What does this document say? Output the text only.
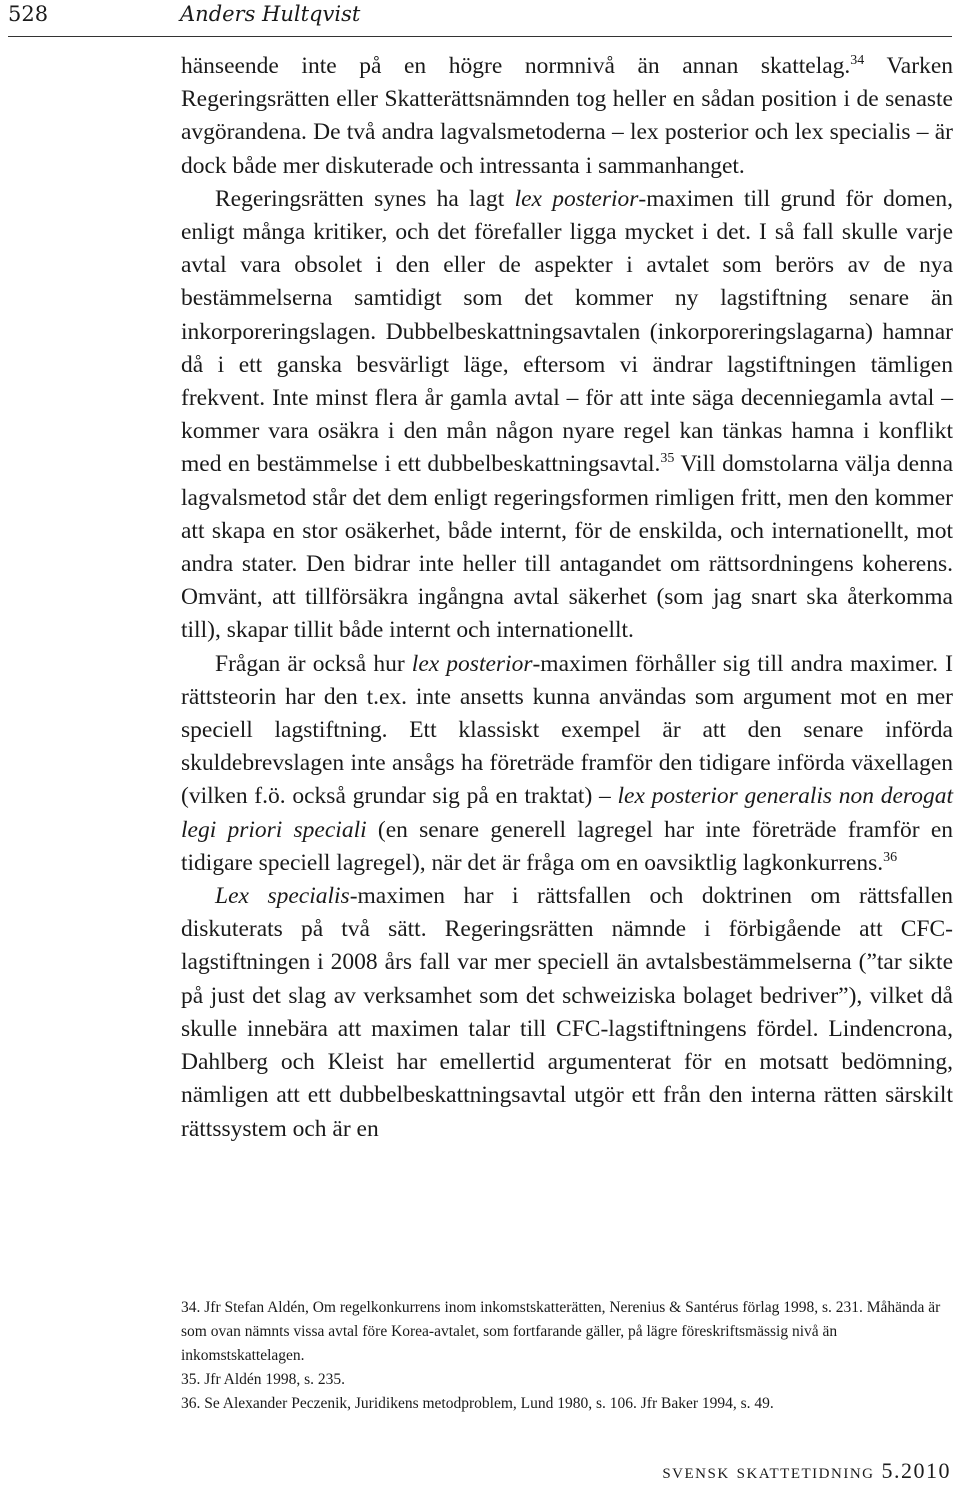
528	Anders Hultqvist

hänseende inte på en högre normnivå än annan skattelag.$^{34}$ Varken Regeringsrätten eller Skatterättsnämnden tog heller en sådan position i de senaste avgörandena. De två andra lagvalsmetoderna – lex posterior och lex specialis – är dock både mer diskuterade och intressanta i sammanhanget.

Regeringsrätten synes ha lagt lex posterior-maximen till grund för domen, enligt många kritiker, och det förefaller ligga mycket i det. I så fall skulle varje avtal vara obsolet i den eller de aspekter i avtalet som berörs av de nya bestämmelserna samtidigt som det kommer ny lagstiftning senare än inkorporeringslagen. Dubbelbeskattningsavtalen (inkorporeringslagarna) hamnar då i ett ganska besvärligt läge, eftersom vi ändrar lagstiftningen tämligen frekvent. Inte minst flera år gamla avtal – för att inte säga decenniegamla avtal – kommer vara osäkra i den mån någon nyare regel kan tänkas hamna i konflikt med en bestämmelse i ett dubbelbeskattningsavtal.$^{35}$ Vill domstolarna välja denna lagvalsmetod står det dem enligt regeringsformen rimligen fritt, men den kommer att skapa en stor osäkerhet, både internt, för de enskilda, och internationellt, mot andra stater. Den bidrar inte heller till antagandet om rättsordningens koherens. Omvänt, att tillförsäkra ingångna avtal säkerhet (som jag snart ska återkomma till), skapar tillit både internt och internationellt.

Frågan är också hur lex posterior-maximen förhåller sig till andra maximer. I rättsteorin har den t.ex. inte ansetts kunna användas som argument mot en mer speciell lagstiftning. Ett klassiskt exempel är att den senare införda skuldebrevslagen inte ansågs ha företräde framför den tidigare införda växellagen (vilken f.ö. också grundar sig på en traktat) – lex posterior generalis non derogat legi priori speciali (en senare generell lagregel har inte företräde framför en tidigare speciell lagregel), när det är fråga om en oavsiktlig lagkonkurrens.$^{36}$

Lex specialis-maximen har i rättsfallen och doktrinen om rättsfallen diskuterats på två sätt. Regeringsrätten nämnde i förbigående att CFC-lagstiftningen i 2008 års fall var mer speciell än avtalsbestämmelserna (”tar sikte på just det slag av verksamhet som det schweiziska bolaget bedriver”), vilket då skulle innebära att maximen talar till CFC-lagstiftningens fördel. Lindencrona, Dahlberg och Kleist har emellertid argumenterat för en motsatt bedömning, nämligen att ett dubbelbeskattningsavtal utgör ett från den interna rätten särskilt rättssystem och är en

34. Jfr Stefan Aldén, Om regelkonkurrens inom inkomstskatterätten, Nerenius & Santérus förlag 1998, s. 231. Måhända är som ovan nämnts vissa avtal före Korea-avtalet, som fortfarande gäller, på lägre föreskriftsmässig nivå än inkomstskattelagen.

35. Jfr Aldén 1998, s. 235.

36. Se Alexander Peczenik, Juridikens metodproblem, Lund 1980, s. 106. Jfr Baker 1994, s. 49.

svensk skattetidning 5.2010
